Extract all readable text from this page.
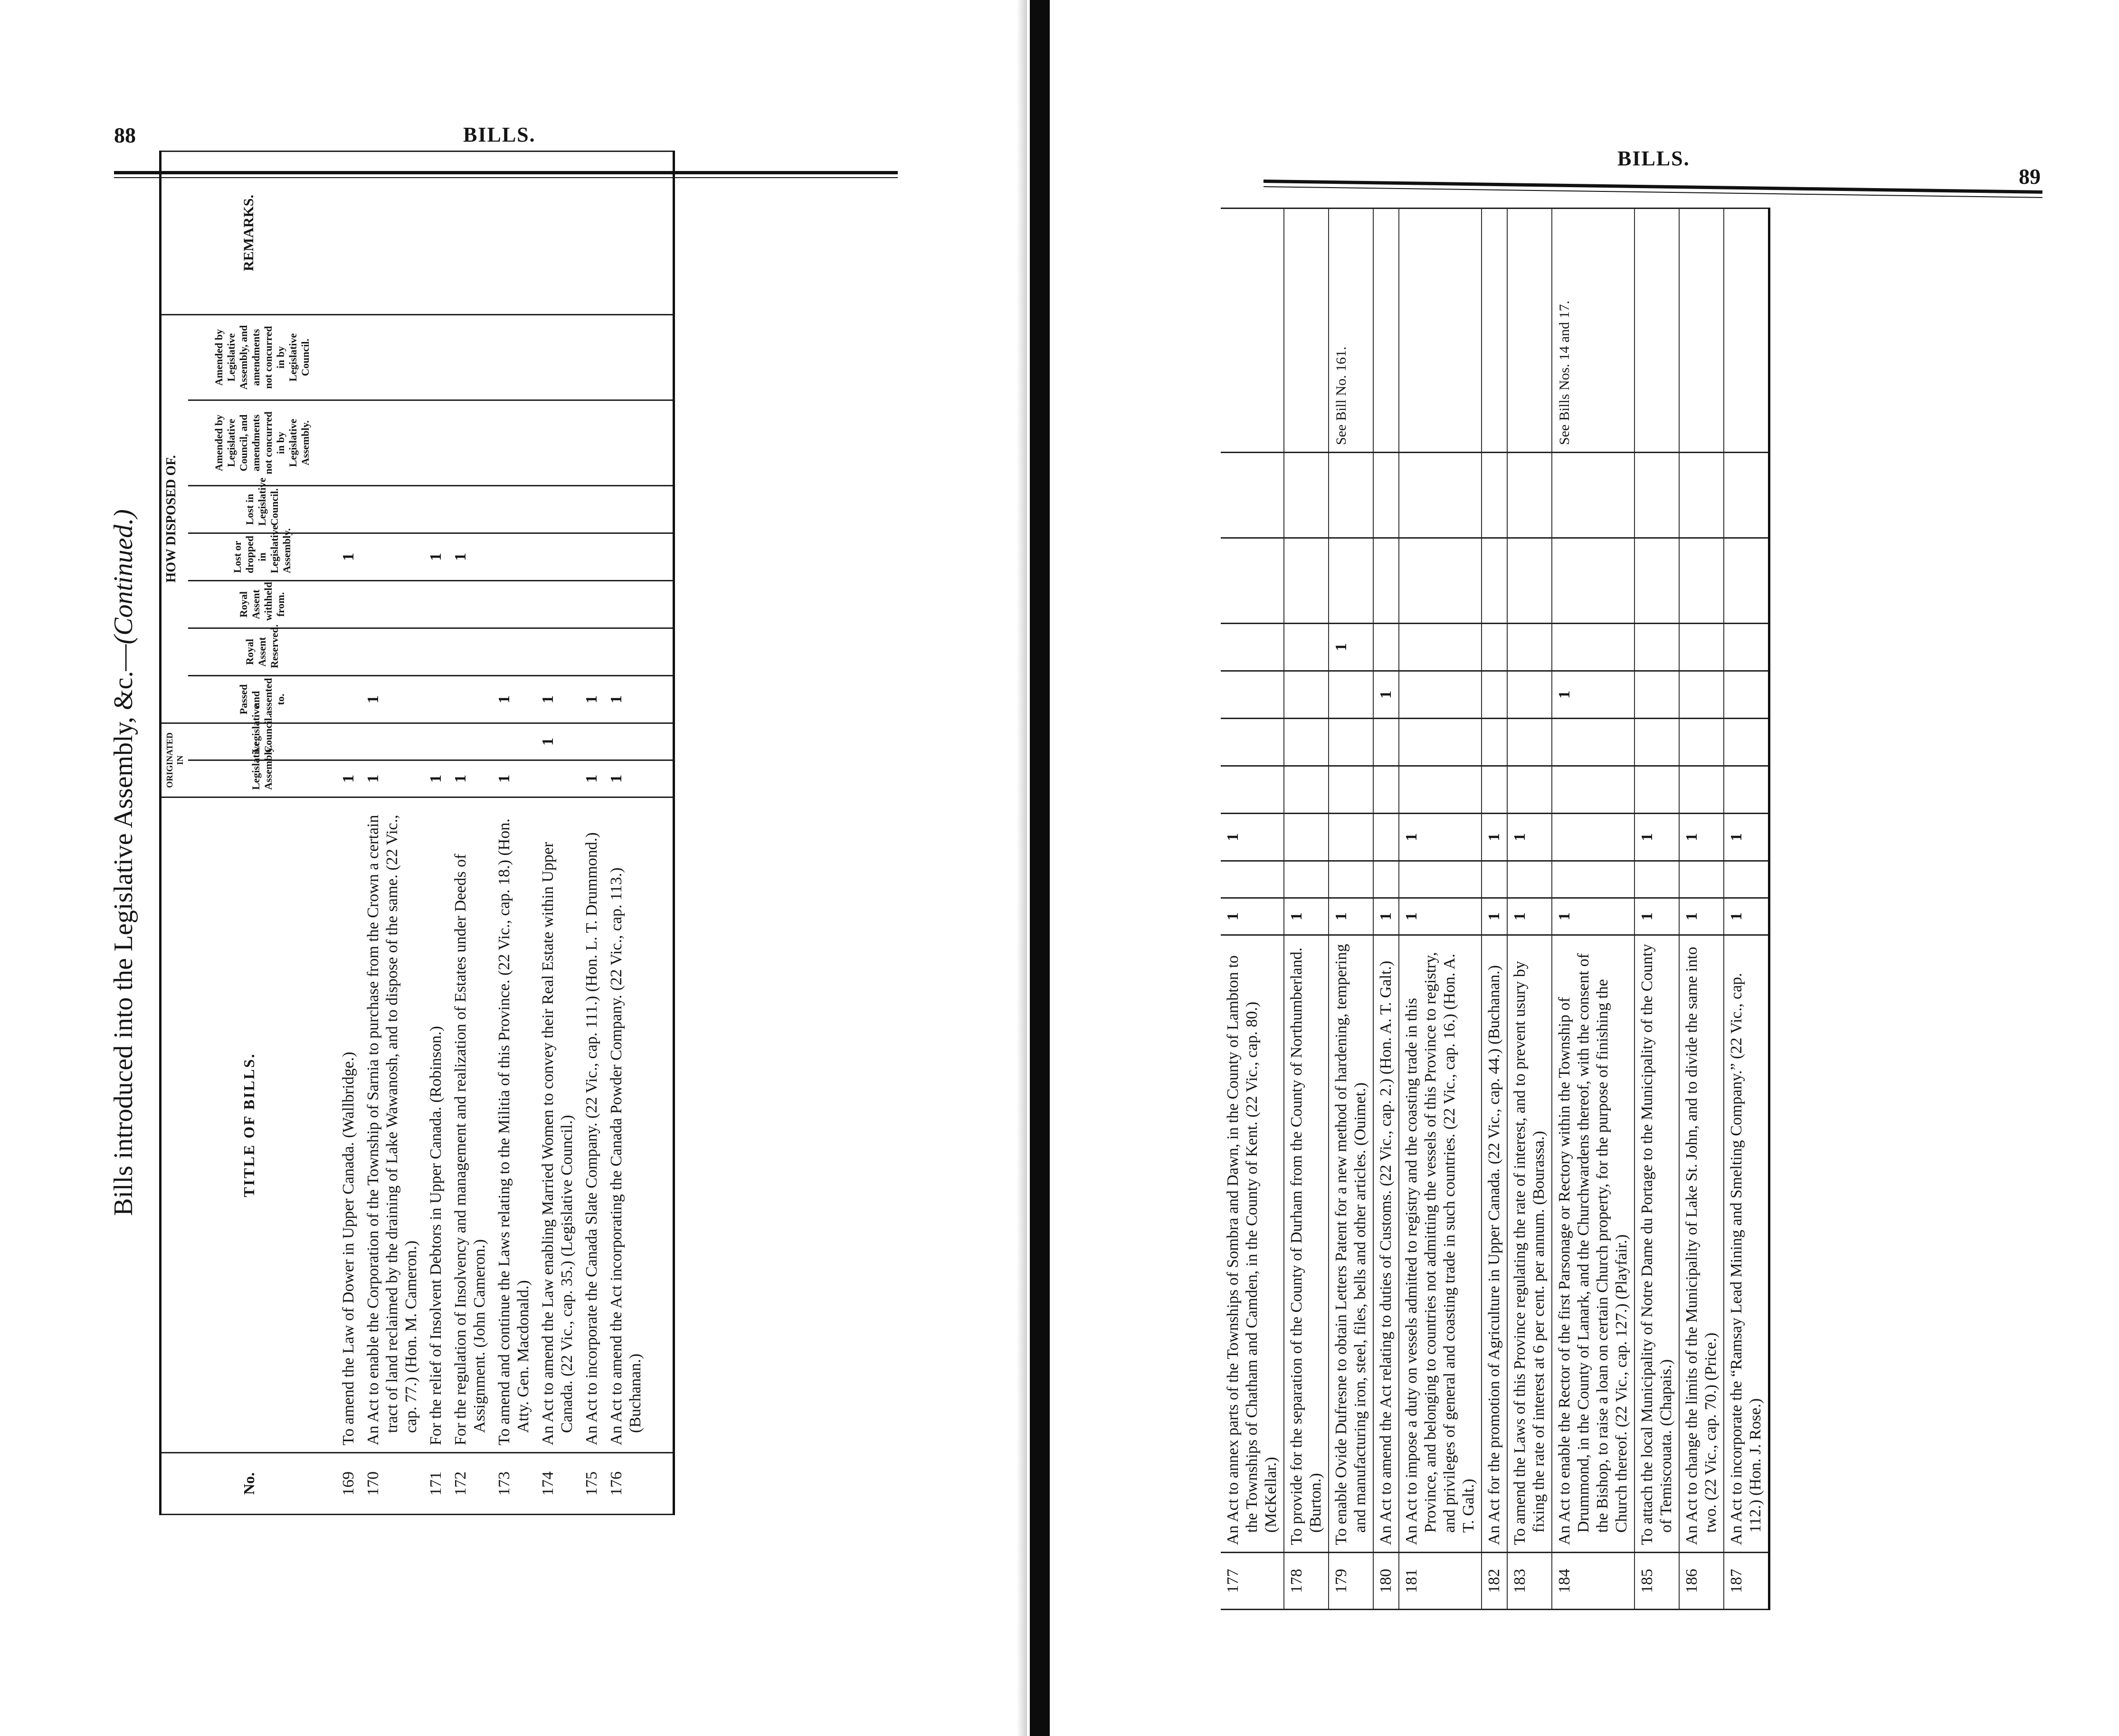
88	BILLS.
Bills introduced into the Legislative Assembly, &c.—(Continued.)
BILLS.
89
No.	TITLE OF BILLS.	ORIGINATED IN		HOW DISPOSED OF.							REMARKS.
		Legislative Assembly.	Legislative Council.	Passed and assented to.	Royal Assent Reserved.	Royal Assent withheld from.	Lost or dropped in Legislative Assembly.	Lost in Legislative Council.	Amended by Legislative Council, and amendments not concurred in by Legislative Assembly.	Amended by Legislative Assembly, and amendments not concurred in by Legislative Council.	
169	To amend the Law of Dower in Upper Canada. (Wallbridge.)	1					1				
170	An Act to enable the Corporation of the Township of Sarnia to purchase from the Crown a certain tract of land reclaimed by the draining of Lake Wawanosh, and to dispose of the same. (22 Vic., cap. 77.) (Hon. M. Cameron.)	1		1							
171	For the relief of Insolvent Debtors in Upper Canada. (Robinson.)	1					1				
172	For the regulation of Insolvency and management and realization of Estates under Deeds of Assignment. (John Cameron.)	1					1				
173	To amend and continue the Laws relating to the Militia of this Province. (22 Vic., cap. 18.) (Hon. Atty. Gen. Macdonald.)	1		1							
174	An Act to amend the Law enabling Married Women to convey their Real Estate within Upper Canada. (22 Vic., cap. 35.) (Legislative Council.)		1	1							
175	An Act to incorporate the Canada Slate Company. (22 Vic., cap. 111.) (Hon. L. T. Drummond.)	1		1							
176	An Act to amend the Act incorporating the Canada Powder Company. (22 Vic., cap. 113.) (Buchanan.)	1		1							

177	An Act to annex parts of the Townships of Sombra and Dawn, in the County of Lambton to the Townships of Chatham and Camden, in the County of Kent. (22 Vic., cap. 80.) (McKellar.)	1		1							
178	To provide for the separation of the County of Durham from the County of Northumberland. (Burton.)	1									
179	To enable Ovide Dufresne to obtain Letters Patent for a new method of hardening, tempering and manufacturing iron, steel, files, bells and other articles. (Ouimet.)	1						1			See Bill No. 161.
180	An Act to amend the Act relating to duties of Customs. (22 Vic., cap. 2.) (Hon. A. T. Galt.)	1					1				
181	An Act to impose a duty on vessels admitted to registry and the coasting trade in this Province, and belonging to countries not admitting the vessels of this Province to registry, and privileges of general and coasting trade in such countries. (22 Vic., cap. 16.) (Hon. A. T. Galt.)	1		1							
182	An Act for the promotion of Agriculture in Upper Canada. (22 Vic., cap. 44.) (Buchanan.)	1		1							
183	To amend the Laws of this Province regulating the rate of interest, and to prevent usury by fixing the rate of interest at 6 per cent. per annum. (Bourassa.)	1		1							
184	An Act to enable the Rector of the first Parsonage or Rectory within the Township of Drummond, in the County of Lanark, and the Churchwardens thereof, with the consent of the Bishop, to raise a loan on certain Church property, for the purpose of finishing the Church thereof. (22 Vic., cap. 127.) (Playfair.)	1					1				See Bills Nos. 14 and 17.
185	To attach the local Municipality of Notre Dame du Portage to the Municipality of the County of Temiscouata. (Chapais.)	1		1							
186	An Act to change the limits of the Municipality of Lake St. John, and to divide the same into two. (22 Vic., cap. 70.) (Price.)	1		1							
187	An Act to incorporate the “Ramsay Lead Mining and Smelting Company.” (22 Vic., cap. 112.) (Hon. J. Rose.)	1		1							
